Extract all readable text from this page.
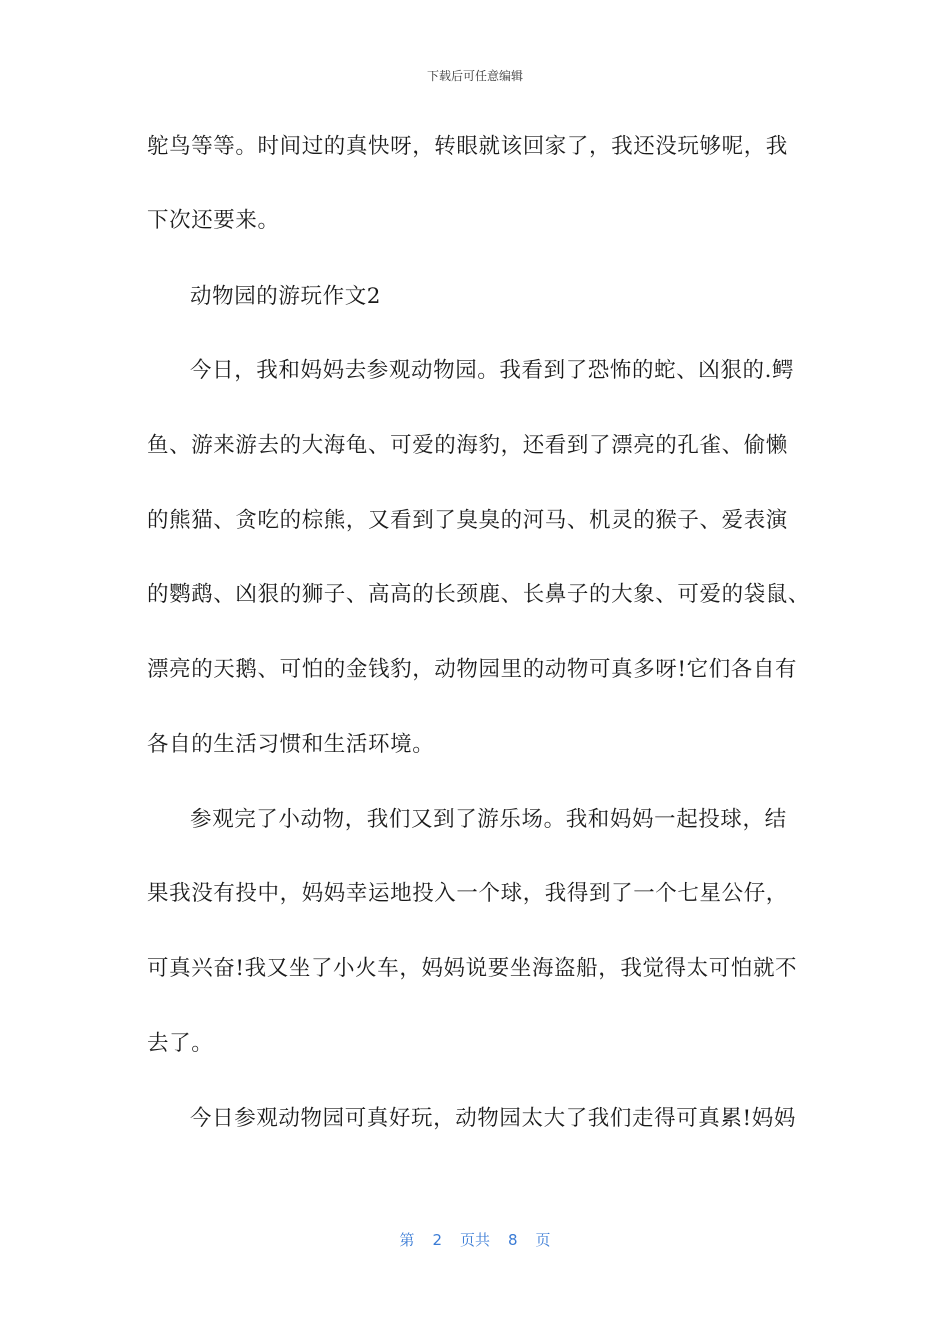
下载后可任意编辑
鸵鸟等等。时间过的真快呀，转眼就该回家了，我还没玩够呢，我
下次还要来。
动物园的游玩作文2
今日，我和妈妈去参观动物园。我看到了恐怖的蛇、凶狠的.鳄
鱼、游来游去的大海龟、可爱的海豹，还看到了漂亮的孔雀、偷懒
的熊猫、贪吃的棕熊，又看到了臭臭的河马、机灵的猴子、爱表演
的鹦鹉、凶狠的狮子、高高的长颈鹿、长鼻子的大象、可爱的袋鼠、
漂亮的天鹅、可怕的金钱豹，动物园里的动物可真多呀!它们各自有
各自的生活习惯和生活环境。
参观完了小动物，我们又到了游乐场。我和妈妈一起投球，结
果我没有投中，妈妈幸运地投入一个球，我得到了一个七星公仔，
可真兴奋!我又坐了小火车，妈妈说要坐海盗船，我觉得太可怕就不
去了。
今日参观动物园可真好玩，动物园太大了我们走得可真累!妈妈
第 2 页共 8 页
